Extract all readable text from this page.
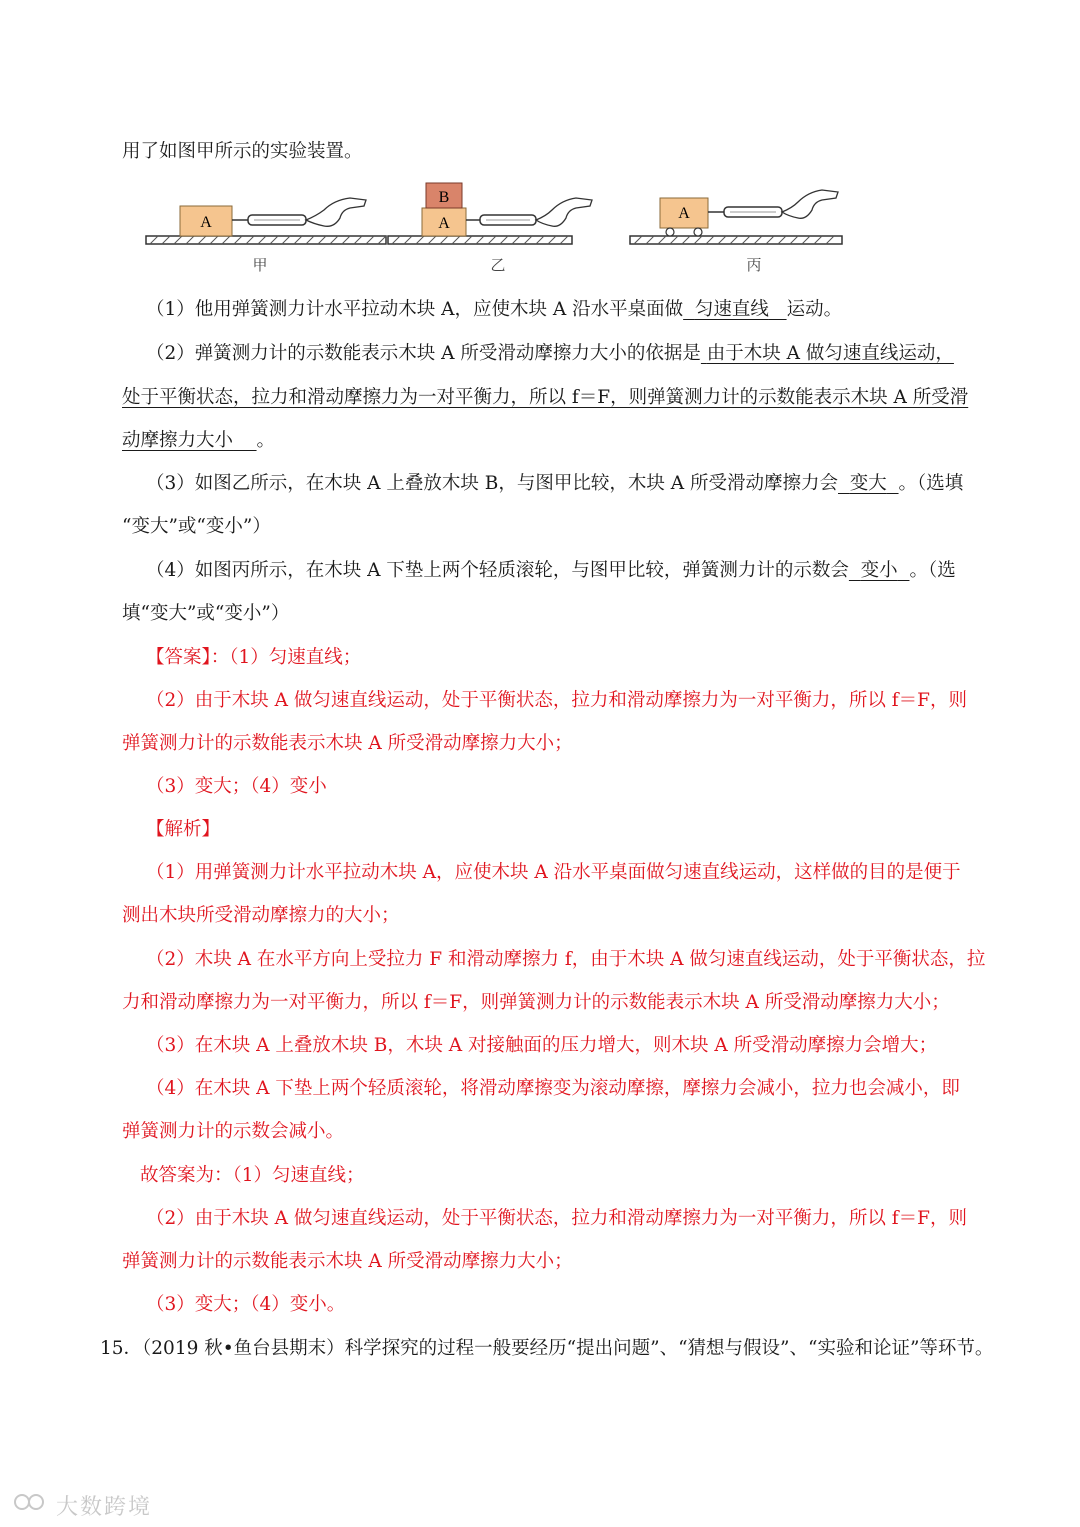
用了如图甲所示的实验装置。
A
甲
A
B
乙
A
丙
（1）他用弹簧测力计水平拉动木块 A，应使木块 A 沿水平桌面做 匀速直线 运动。
（2）弹簧测力计的示数能表示木块 A 所受滑动摩擦力大小的依据是 由于木块 A 做匀速直线运动，
处于平衡状态，拉力和滑动摩擦力为一对平衡力，所以 f＝F，则弹簧测力计的示数能表示木块 A 所受滑
动摩擦力大小 。
（3）如图乙所示，在木块 A 上叠放木块 B，与图甲比较，木块 A 所受滑动摩擦力会 变大 。（选填
“变大”或“变小”）
（4）如图丙所示，在木块 A 下垫上两个轻质滚轮，与图甲比较，弹簧测力计的示数会 变小 。（选
填“变大”或“变小”）
【答案】：（1）匀速直线；
（2）由于木块 A 做匀速直线运动，处于平衡状态，拉力和滑动摩擦力为一对平衡力，所以 f＝F，则
弹簧测力计的示数能表示木块 A 所受滑动摩擦力大小；
（3）变大；（4）变小
【解析】
（1）用弹簧测力计水平拉动木块 A，应使木块 A 沿水平桌面做匀速直线运动，这样做的目的是便于
测出木块所受滑动摩擦力的大小；
（2）木块 A 在水平方向上受拉力 F 和滑动摩擦力 f，由于木块 A 做匀速直线运动，处于平衡状态，拉
力和滑动摩擦力为一对平衡力，所以 f＝F，则弹簧测力计的示数能表示木块 A 所受滑动摩擦力大小；
（3）在木块 A 上叠放木块 B，木块 A 对接触面的压力增大，则木块 A 所受滑动摩擦力会增大；
（4）在木块 A 下垫上两个轻质滚轮，将滑动摩擦变为滚动摩擦，摩擦力会减小，拉力也会减小，即
弹簧测力计的示数会减小。
故答案为：（1）匀速直线；
（2）由于木块 A 做匀速直线运动，处于平衡状态，拉力和滑动摩擦力为一对平衡力，所以 f＝F，则
弹簧测力计的示数能表示木块 A 所受滑动摩擦力大小；
（3）变大；（4）变小。
15．（2019 秋•鱼台县期末）科学探究的过程一般要经历“提出问题”、“猜想与假设”、“实验和论证”等环节。
大数跨境
